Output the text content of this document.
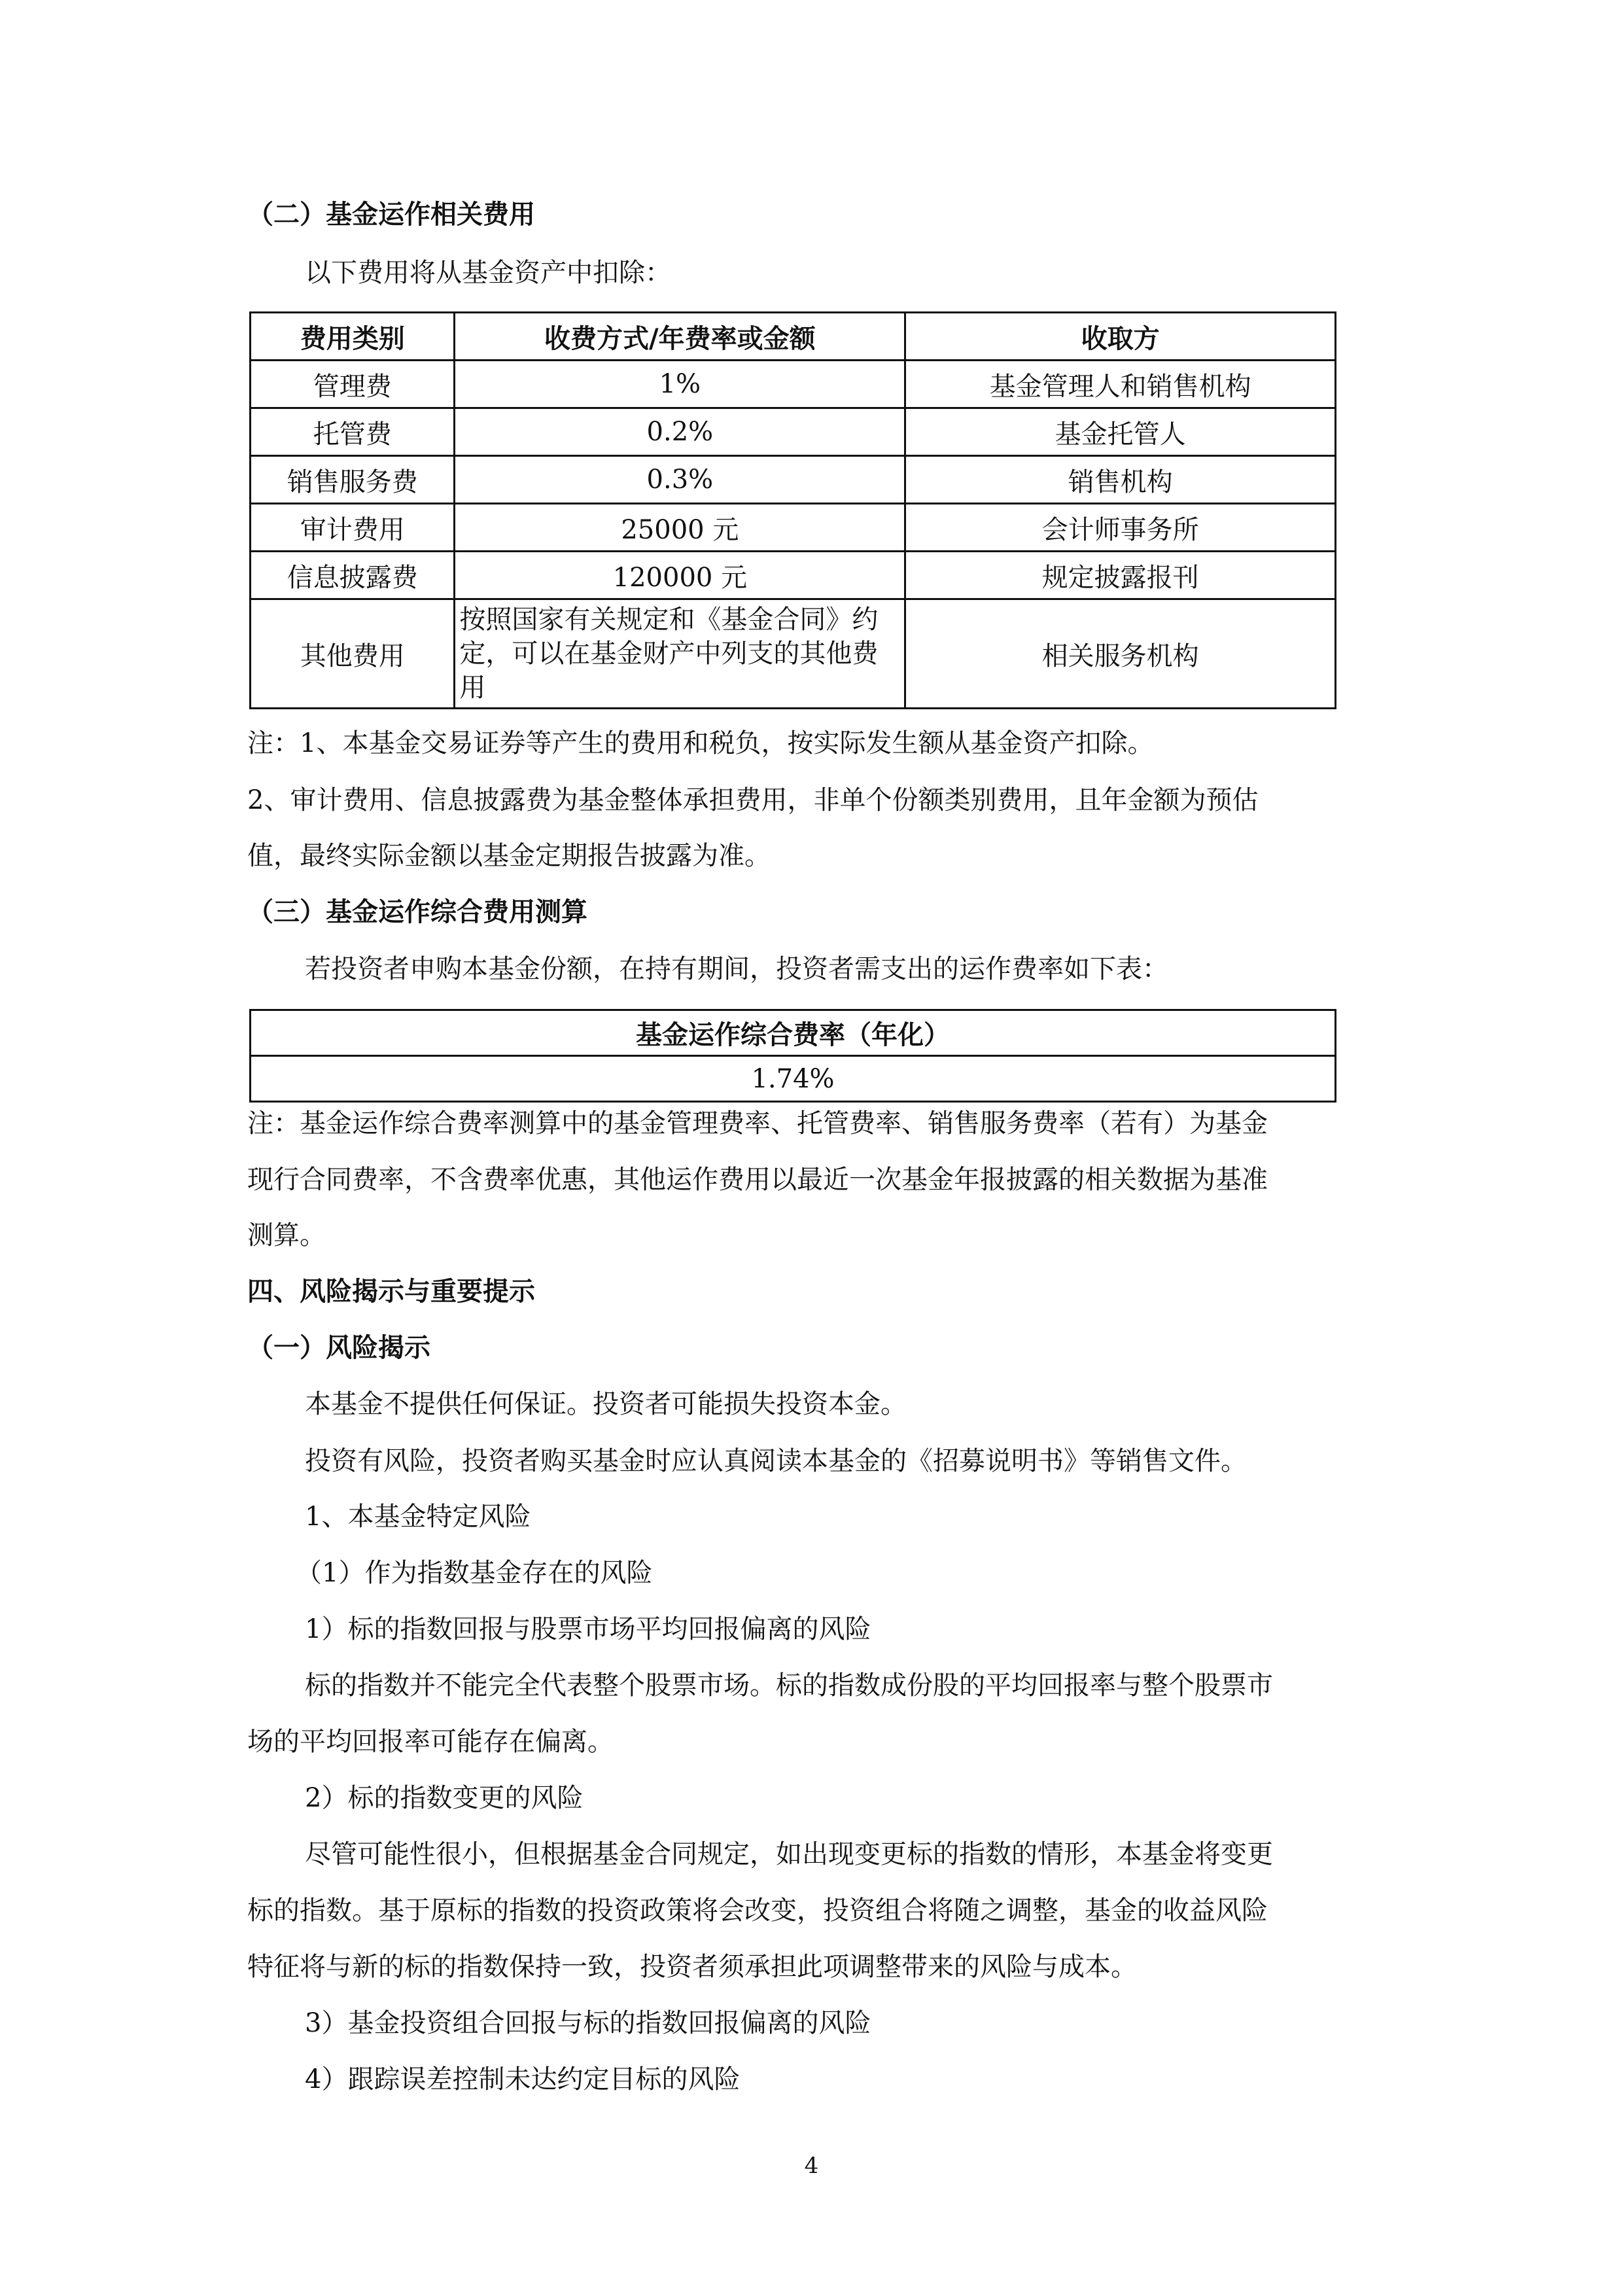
（二）基金运作相关费用
以下费用将从基金资产中扣除：
费用类别	收费方式/年费率或金额	收取方
管理费	1%	基金管理人和销售机构
托管费	0.2%	基金托管人
销售服务费	0.3%	销售机构
审计费用	25000 元	会计师事务所
信息披露费	120000 元	规定披露报刊
其他费用	按照国家有关规定和《基金合同》约定，可以在基金财产中列支的其他费用	相关服务机构
注：1、本基金交易证券等产生的费用和税负，按实际发生额从基金资产扣除。
2、审计费用、信息披露费为基金整体承担费用，非单个份额类别费用，且年金额为预估
值，最终实际金额以基金定期报告披露为准。
（三）基金运作综合费用测算
若投资者申购本基金份额，在持有期间，投资者需支出的运作费率如下表：
基金运作综合费率（年化）
1.74%
注：基金运作综合费率测算中的基金管理费率、托管费率、销售服务费率（若有）为基金
现行合同费率，不含费率优惠，其他运作费用以最近一次基金年报披露的相关数据为基准
测算。
四、风险揭示与重要提示
（一）风险揭示
本基金不提供任何保证。投资者可能损失投资本金。
投资有风险，投资者购买基金时应认真阅读本基金的《招募说明书》等销售文件。
1、本基金特定风险
（1）作为指数基金存在的风险
1）标的指数回报与股票市场平均回报偏离的风险
标的指数并不能完全代表整个股票市场。标的指数成份股的平均回报率与整个股票市
场的平均回报率可能存在偏离。
2）标的指数变更的风险
尽管可能性很小，但根据基金合同规定，如出现变更标的指数的情形，本基金将变更
标的指数。基于原标的指数的投资政策将会改变，投资组合将随之调整，基金的收益风险
特征将与新的标的指数保持一致，投资者须承担此项调整带来的风险与成本。
3）基金投资组合回报与标的指数回报偏离的风险
4）跟踪误差控制未达约定目标的风险
4
